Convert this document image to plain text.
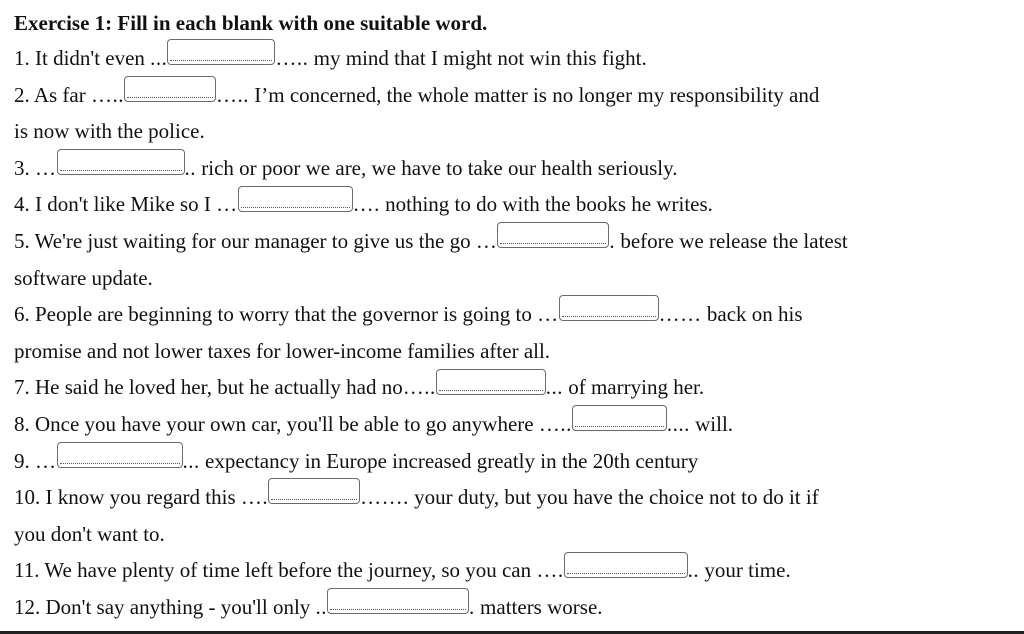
Exercise 1: Fill in each blank with one suitable word.
1. It didn't even ...	….. my mind that I might not win this fight.
2. As far …..	….. I’m concerned, the whole matter is no longer my responsibility and
is now with the police.
3. …	.. rich or poor we are, we have to take our health seriously.
4. I don't like Mike so I …	…. nothing to do with the books he writes.
5. We're just waiting for our manager to give us the go …	. before we release the latest
software update.
6. People are beginning to worry that the governor is going to …	…… back on his
promise and not lower taxes for lower-income families after all.
7. He said he loved her, but he actually had no…..	... of marrying her.
8. Once you have your own car, you'll be able to go anywhere …..	.... will.
9. …	... expectancy in Europe increased greatly in the 20th century
10. I know you regard this ….	……. your duty, but you have the choice not to do it if
you don't want to.
11. We have plenty of time left before the journey, so you can ….	.. your time.
12. Don't say anything - you'll only ..	. matters worse.
